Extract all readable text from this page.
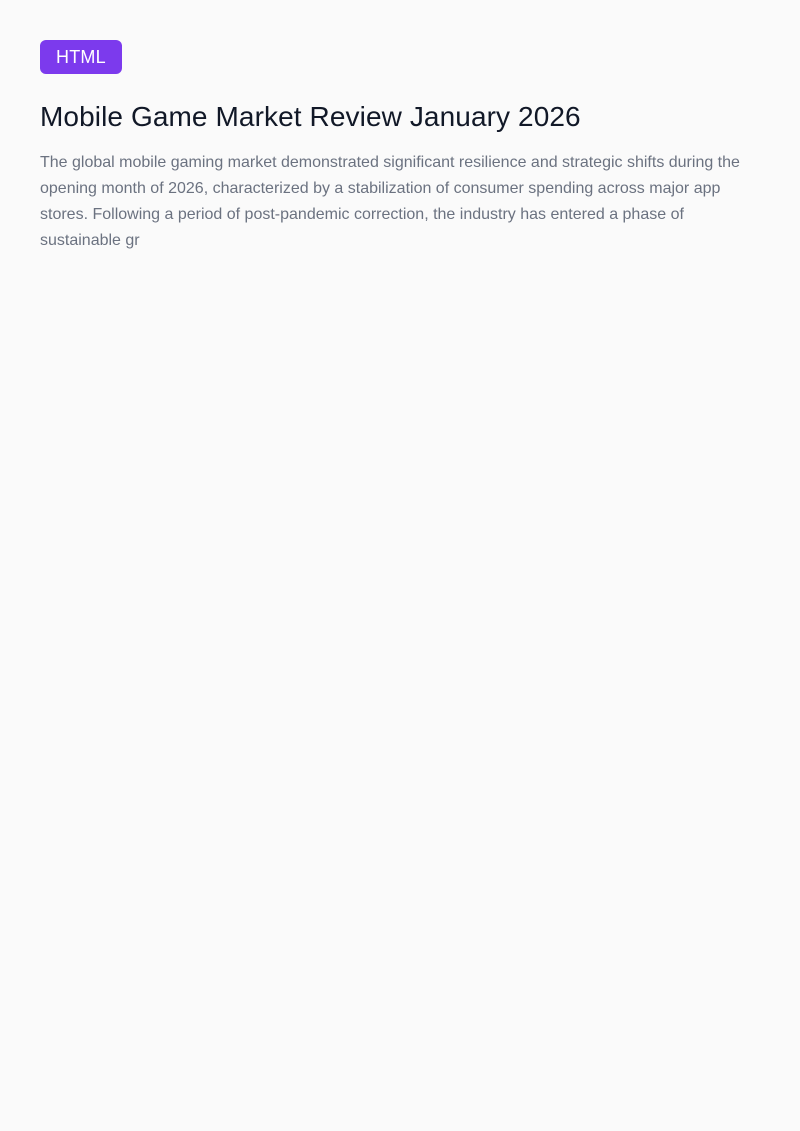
HTML
Mobile Game Market Review January 2026

The global mobile gaming market demonstrated significant resilience and strategic shifts during the opening month of 2026, characterized by a stabilization of consumer spending across major app stores. Following a period of post-pandemic correction, the industry has entered a phase of sustainable gr
